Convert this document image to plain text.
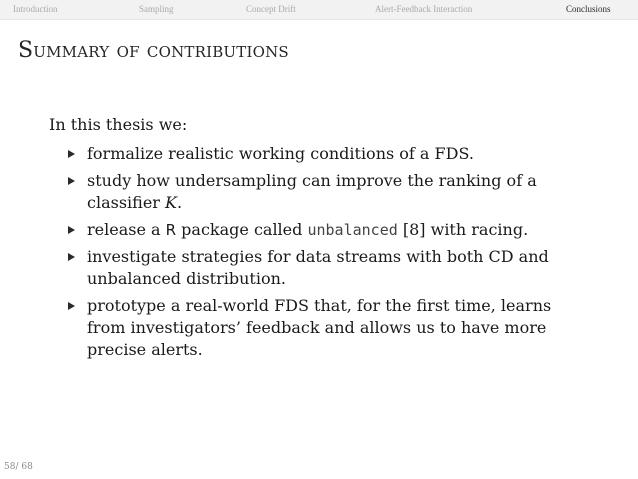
Introduction	Sampling	Concept Drift	Alert-Feedback Interaction	Conclusions
Summary of contributions
In this thesis we:
formalize realistic working conditions of a FDS.
study how undersampling can improve the ranking of a classifier K.
release a R package called unbalanced [8] with racing.
investigate strategies for data streams with both CD and unbalanced distribution.
prototype a real-world FDS that, for the first time, learns from investigators’ feedback and allows us to have more precise alerts.
58/ 68
